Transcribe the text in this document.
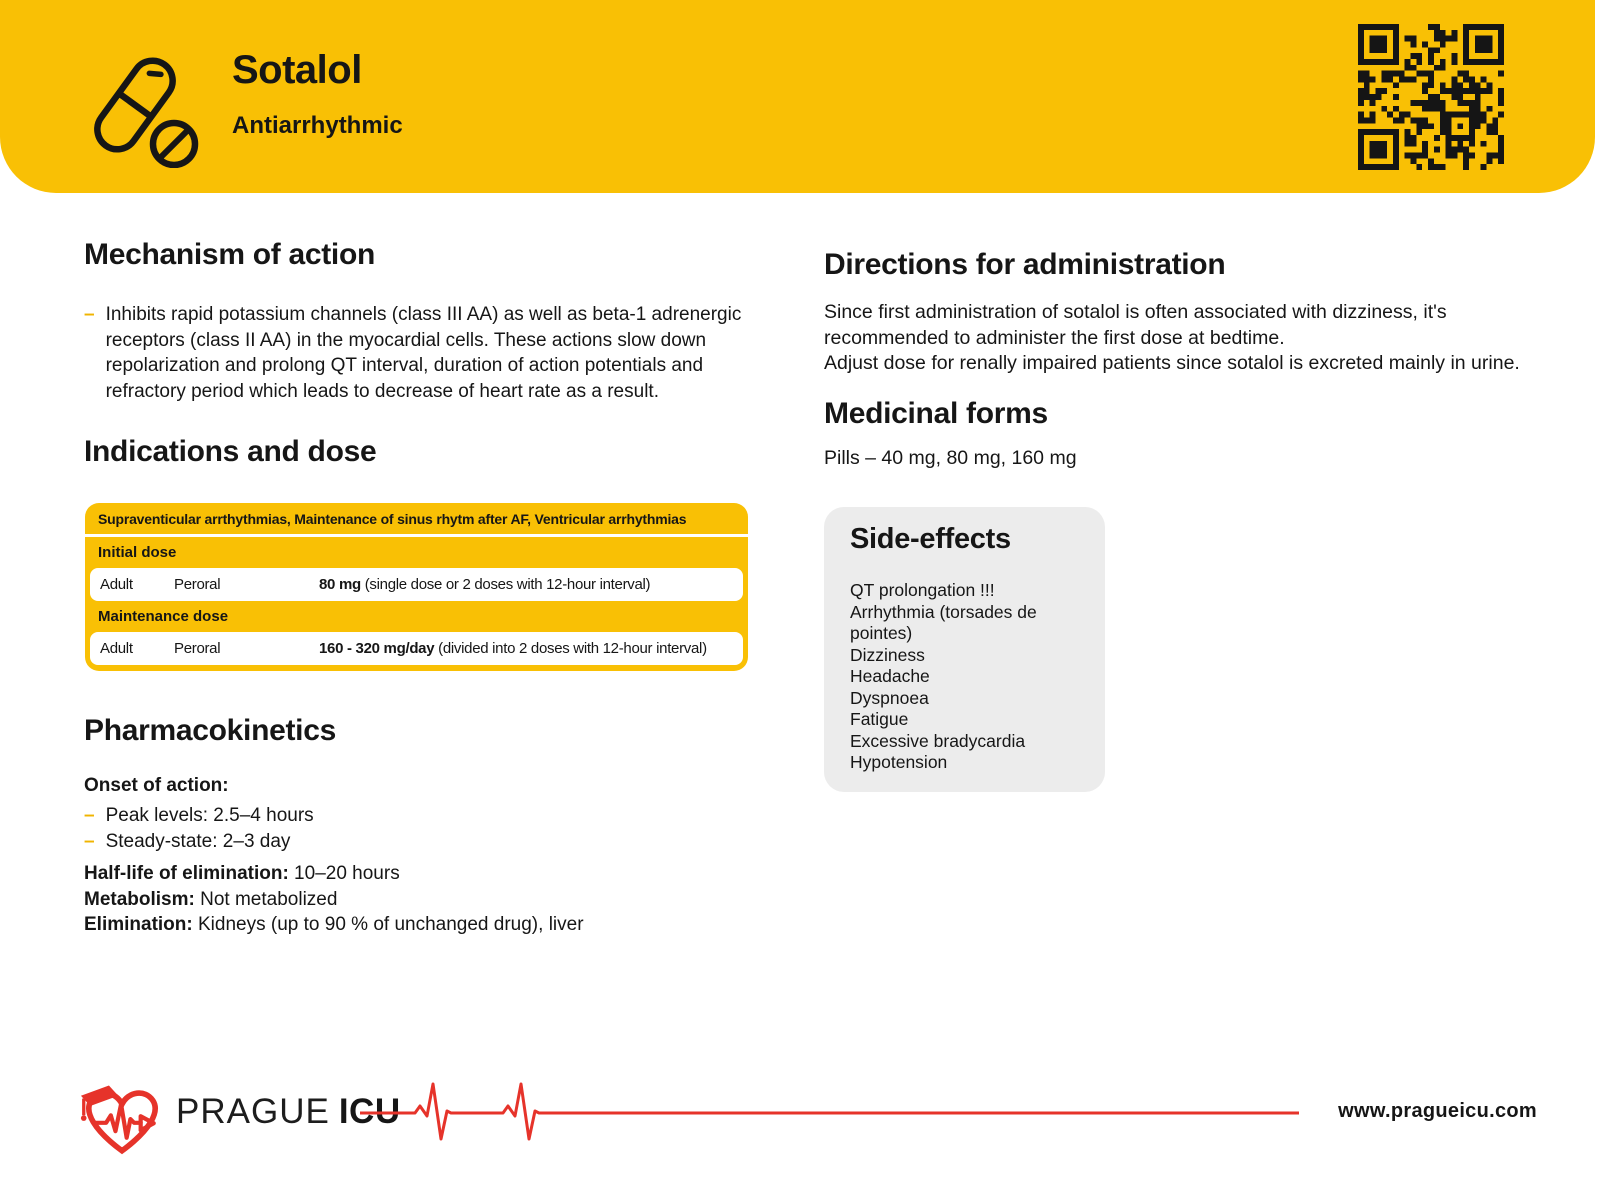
Sotalol
Antiarrhythmic
Mechanism of action
– Inhibits rapid potassium channels (class III AA) as well as beta-1 adrenergic receptors (class II AA) in the myocardial cells. These actions slow down repolarization and prolong QT interval, duration of action potentials and refractory period which leads to decrease of heart rate as a result.
Indications and dose
Supraventicular arrthythmias, Maintenance of sinus rhytm after AF, Ventricular arrhythmias
Initial dose
Adult	Peroral	80 mg (single dose or 2 doses with 12-hour interval)
Maintenance dose
Adult	Peroral	160 - 320 mg/day (divided into 2 doses with 12-hour interval)
Pharmacokinetics
Onset of action:
– Peak levels: 2.5–4 hours
– Steady-state: 2–3 day
Half-life of elimination: 10–20 hours
Metabolism: Not metabolized
Elimination: Kidneys (up to 90 % of unchanged drug), liver
Directions for administration
Since first administration of sotalol is often associated with dizziness, it's recommended to administer the first dose at bedtime.
Adjust dose for renally impaired patients since sotalol is excreted mainly in urine.
Medicinal forms
Pills – 40 mg, 80 mg, 160 mg
Side-effects
QT prolongation !!!
Arrhythmia (torsades de pointes)
Dizziness
Headache
Dyspnoea
Fatigue
Excessive bradycardia
Hypotension
PRAGUE ICU	www.pragueicu.com
